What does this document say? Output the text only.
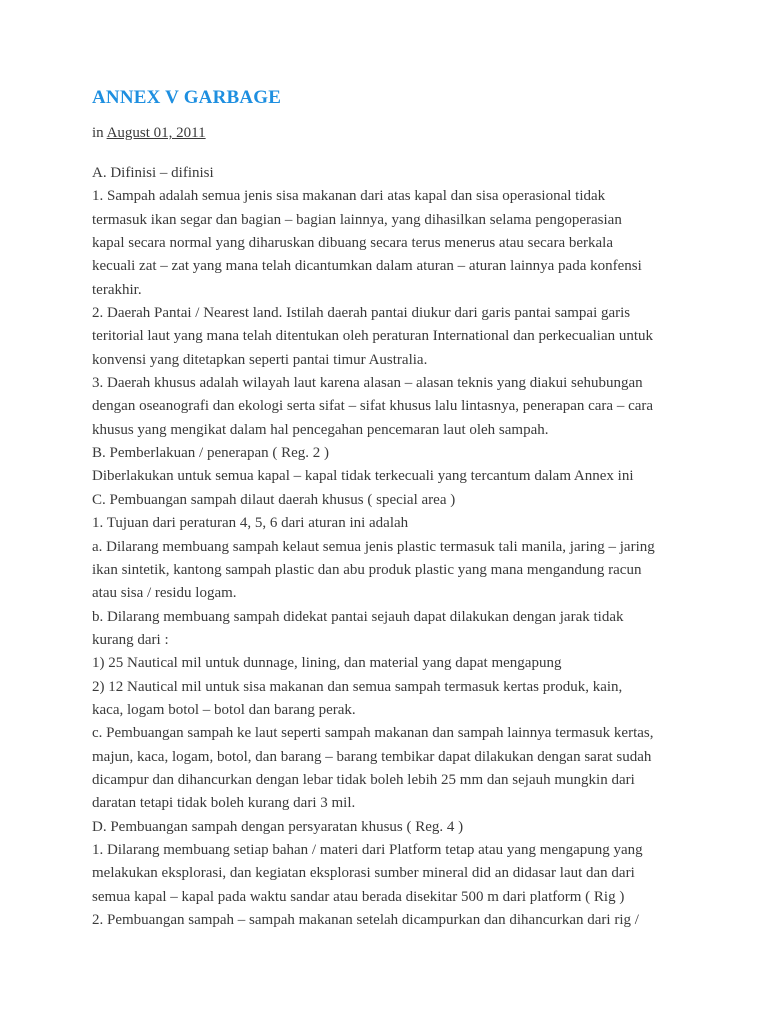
ANNEX V GARBAGE
in August 01, 2011
A. Difinisi – difinisi
1. Sampah adalah semua jenis sisa makanan dari atas kapal dan sisa operasional tidak
termasuk ikan segar dan bagian – bagian lainnya, yang dihasilkan selama pengoperasian
kapal secara normal yang diharuskan dibuang secara terus menerus atau secara berkala
kecuali zat – zat yang mana telah dicantumkan dalam aturan – aturan lainnya pada konfensi
terakhir.
2. Daerah Pantai / Nearest land. Istilah daerah pantai diukur dari garis pantai sampai garis
teritorial laut yang mana telah ditentukan oleh peraturan International dan perkecualian untuk
konvensi yang ditetapkan seperti pantai timur Australia.
3. Daerah khusus adalah wilayah laut karena alasan – alasan teknis yang diakui sehubungan
dengan oseanografi dan ekologi serta sifat – sifat khusus lalu lintasnya, penerapan cara – cara
khusus yang mengikat dalam hal pencegahan pencemaran laut oleh sampah.
B. Pemberlakuan / penerapan ( Reg. 2 )
Diberlakukan untuk semua kapal – kapal tidak terkecuali yang tercantum dalam Annex ini
C. Pembuangan sampah dilaut daerah khusus ( special area )
1. Tujuan dari peraturan 4, 5, 6 dari aturan ini adalah
a. Dilarang membuang sampah kelaut semua jenis plastic termasuk tali manila, jaring – jaring
ikan sintetik, kantong sampah plastic dan abu produk plastic yang mana mengandung racun
atau sisa / residu logam.
b. Dilarang membuang sampah didekat pantai sejauh dapat dilakukan dengan jarak tidak
kurang dari :
1) 25 Nautical mil untuk dunnage, lining, dan material yang dapat mengapung
2) 12 Nautical mil untuk sisa makanan dan semua sampah termasuk kertas produk, kain,
kaca, logam botol – botol dan barang perak.
c. Pembuangan sampah ke laut seperti sampah makanan dan sampah lainnya termasuk kertas,
majun, kaca, logam, botol, dan barang – barang tembikar dapat dilakukan dengan sarat sudah
dicampur dan dihancurkan dengan lebar tidak boleh lebih 25 mm dan sejauh mungkin dari
daratan tetapi tidak boleh kurang dari 3 mil.
D. Pembuangan sampah dengan persyaratan khusus ( Reg. 4 )
1. Dilarang membuang setiap bahan / materi dari Platform tetap atau yang mengapung yang
melakukan eksplorasi, dan kegiatan eksplorasi sumber mineral did an didasar laut dan dari
semua kapal – kapal pada waktu sandar atau berada disekitar 500 m dari platform ( Rig )
2. Pembuangan sampah – sampah makanan setelah dicampurkan dan dihancurkan dari rig /
